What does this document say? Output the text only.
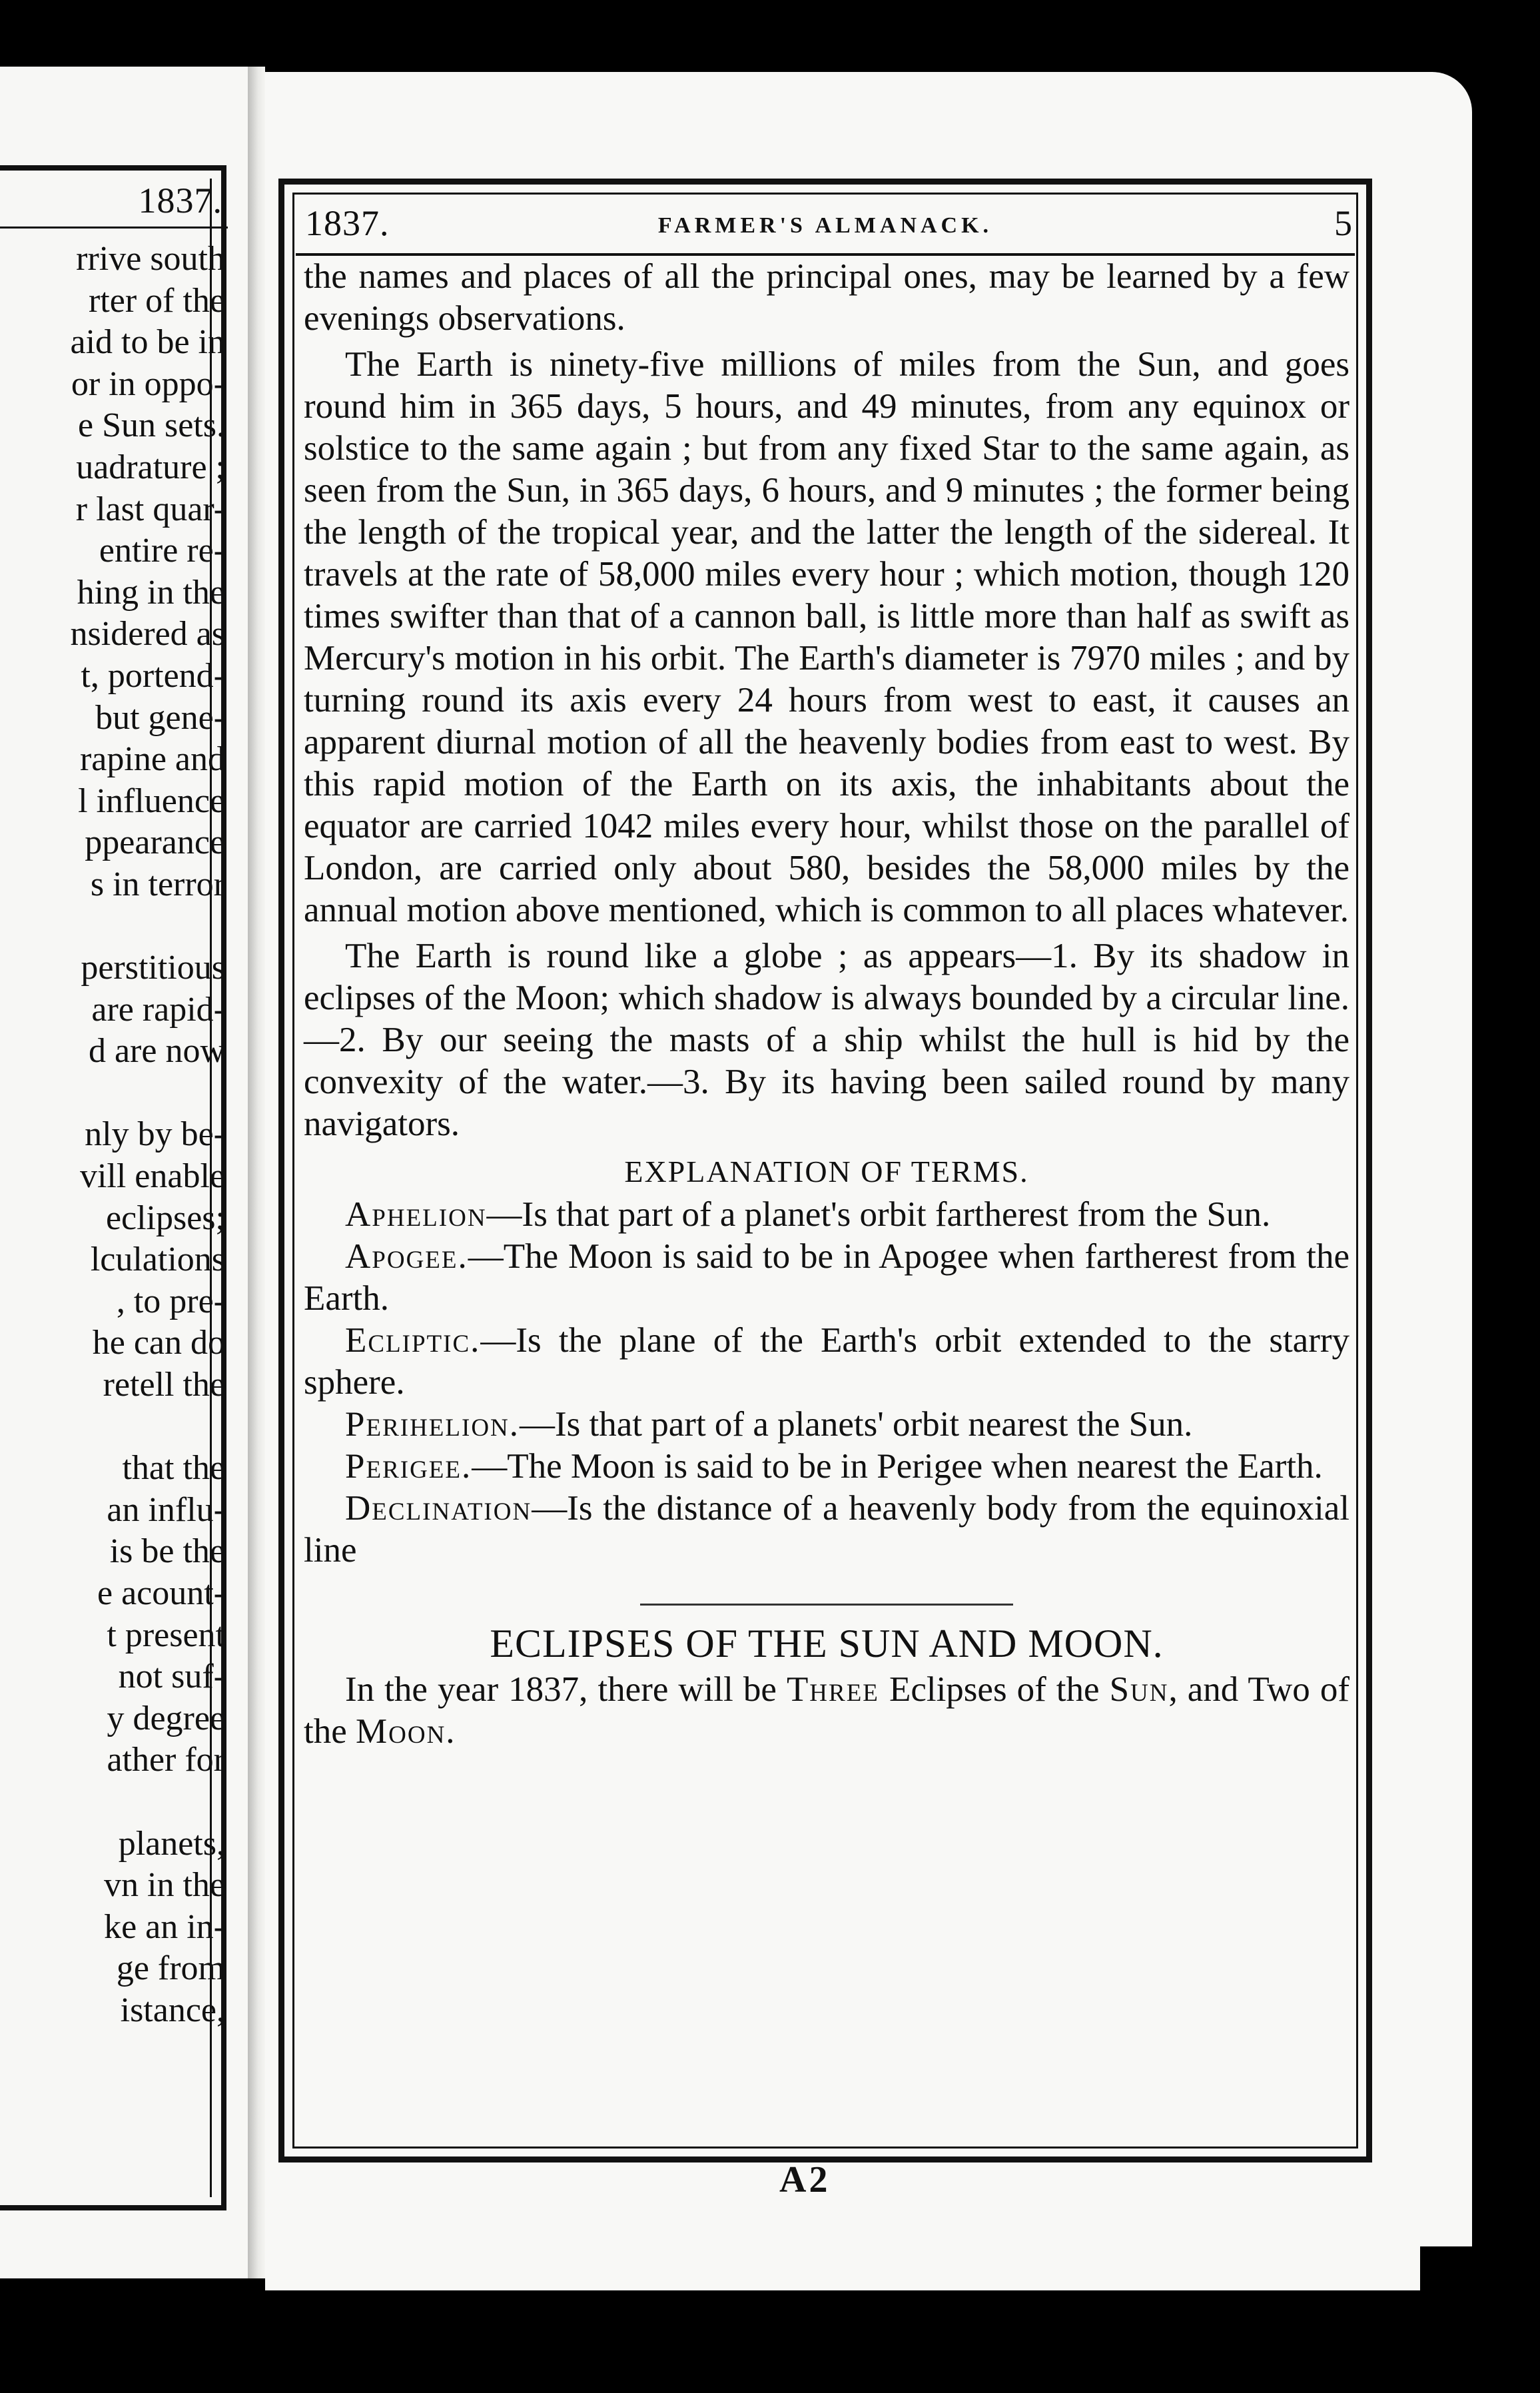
1837.
rrive south
rter of the
aid to be in
or in oppo-
e Sun sets.
uadrature ;
r last quar-
entire re-
hing in the
nsidered as
t, portend-
but gene-
rapine and
l influence
ppearance
s in terror
perstitious
are rapid-
d are now
nly by be-
vill enable
eclipses;
lculations
, to pre-
he can do
retell the
that the
an influ-
is be the
e acount-
t present
not suf-
y degree
ather for
planets,
vn in the
ke an in-
ge from
istance,
1837.	FARMER'S ALMANACK.	5

the names and places of all the principal ones, may be learned by a few evenings observations.

The Earth is ninety-five millions of miles from the Sun, and goes round him in 365 days, 5 hours, and 49 minutes, from any equinox or solstice to the same again ; but from any fixed Star to the same again, as seen from the Sun, in 365 days, 6 hours, and 9 minutes ; the former being the length of the tropical year, and the latter the length of the sidereal. It travels at the rate of 58,000 miles every hour ; which motion, though 120 times swifter than that of a cannon ball, is little more than half as swift as Mercury's motion in his orbit. The Earth's diameter is 7970 miles ; and by turning round its axis every 24 hours from west to east, it causes an apparent diurnal motion of all the heavenly bodies from east to west. By this rapid motion of the Earth on its axis, the inhabitants about the equator are carried 1042 miles every hour, whilst those on the parallel of London, are carried only about 580, besides the 58,000 miles by the annual motion above mentioned, which is common to all places whatever.

The Earth is round like a globe ; as appears—1. By its shadow in eclipses of the Moon; which shadow is always bounded by a circular line.—2. By our seeing the masts of a ship whilst the hull is hid by the convexity of the water.—3. By its having been sailed round by many navigators.

EXPLANATION OF TERMS.

Aphelion—Is that part of a planet's orbit fartherest from the Sun.

Apogee.—The Moon is said to be in Apogee when fartherest from the Earth.

Ecliptic.—Is the plane of the Earth's orbit extended to the starry sphere.

Perihelion.—Is that part of a planets' orbit nearest the Sun.

Perigee.—The Moon is said to be in Perigee when nearest the Earth.

Declination—Is the distance of a heavenly body from the equinoxial line

ECLIPSES OF THE SUN AND MOON.

In the year 1837, there will be Three Eclipses of the Sun, and Two of the Moon.

A2
